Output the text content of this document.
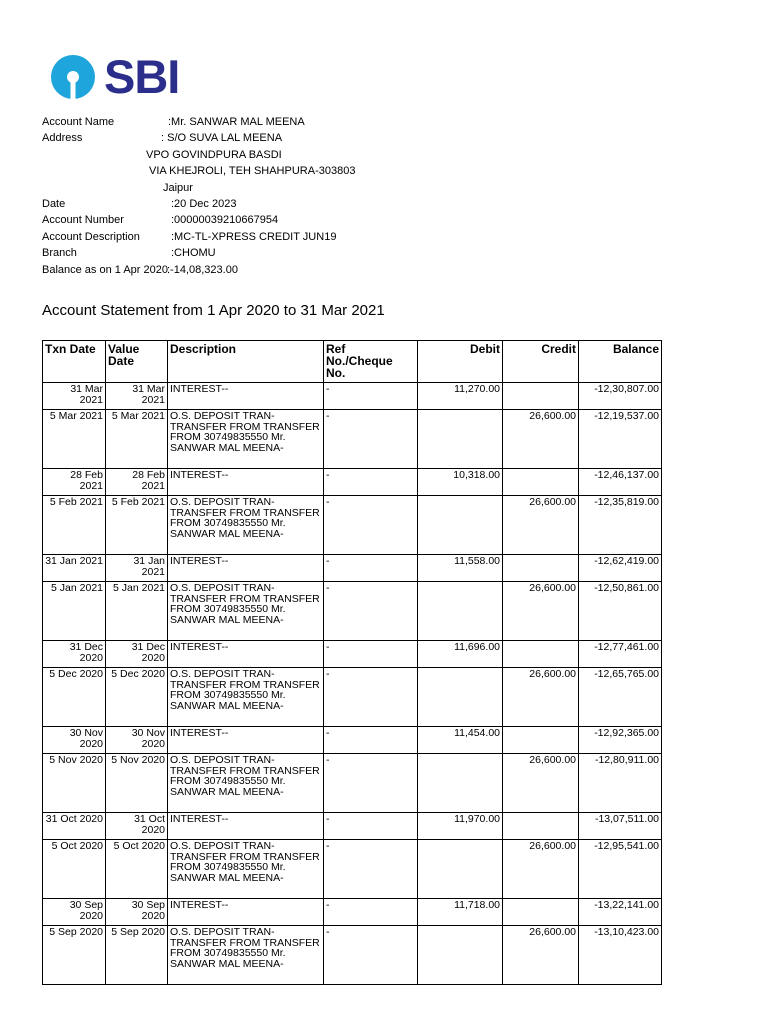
SBI
Account Name	:Mr. SANWAR MAL MEENA
Address	: S/O SUVA LAL MEENA
VPO GOVINDPURA BASDI
VIA KHEJROLI, TEH SHAHPURA-303803
Jaipur
Date	:20 Dec 2023
Account Number	:00000039210667954
Account Description	:MC-TL-XPRESS CREDIT JUN19
Branch	:CHOMU
Balance as on 1 Apr 2020 :-14,08,323.00
Account Statement from 1 Apr 2020 to 31 Mar 2021
Txn Date	Value Date	Description	Ref No./Cheque No.	Debit	Credit	Balance
31 Mar 2021	31 Mar 2021	INTEREST--	-	11,270.00		-12,30,807.00
5 Mar 2021	5 Mar 2021	O.S. DEPOSIT TRAN-TRANSFER FROM TRANSFER FROM 30749835550 Mr. SANWAR MAL MEENA-	-		26,600.00	-12,19,537.00
28 Feb 2021	28 Feb 2021	INTEREST--	-	10,318.00		-12,46,137.00
5 Feb 2021	5 Feb 2021	O.S. DEPOSIT TRAN-TRANSFER FROM TRANSFER FROM 30749835550 Mr. SANWAR MAL MEENA-	-		26,600.00	-12,35,819.00
31 Jan 2021	31 Jan 2021	INTEREST--	-	11,558.00		-12,62,419.00
5 Jan 2021	5 Jan 2021	O.S. DEPOSIT TRAN-TRANSFER FROM TRANSFER FROM 30749835550 Mr. SANWAR MAL MEENA-	-		26,600.00	-12,50,861.00
31 Dec 2020	31 Dec 2020	INTEREST--	-	11,696.00		-12,77,461.00
5 Dec 2020	5 Dec 2020	O.S. DEPOSIT TRAN-TRANSFER FROM TRANSFER FROM 30749835550 Mr. SANWAR MAL MEENA-	-		26,600.00	-12,65,765.00
30 Nov 2020	30 Nov 2020	INTEREST--	-	11,454.00		-12,92,365.00
5 Nov 2020	5 Nov 2020	O.S. DEPOSIT TRAN-TRANSFER FROM TRANSFER FROM 30749835550 Mr. SANWAR MAL MEENA-	-		26,600.00	-12,80,911.00
31 Oct 2020	31 Oct 2020	INTEREST--	-	11,970.00		-13,07,511.00
5 Oct 2020	5 Oct 2020	O.S. DEPOSIT TRAN-TRANSFER FROM TRANSFER FROM 30749835550 Mr. SANWAR MAL MEENA-	-		26,600.00	-12,95,541.00
30 Sep 2020	30 Sep 2020	INTEREST--	-	11,718.00		-13,22,141.00
5 Sep 2020	5 Sep 2020	O.S. DEPOSIT TRAN-TRANSFER FROM TRANSFER FROM 30749835550 Mr. SANWAR MAL MEENA-	-		26,600.00	-13,10,423.00
